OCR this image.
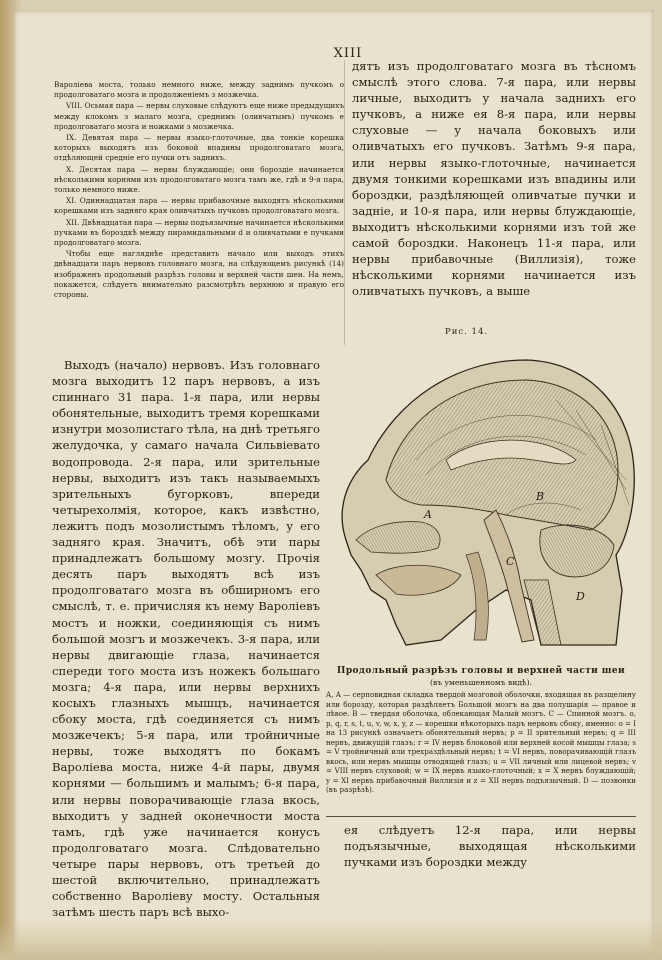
XIII

Вароліева моста, только немного ниже, между заднимъ пучкомъ о продолговатаго мозга и продолженіемъ з мозжечка.

VIII. Осьмая пара — нервы слуховые слѣдуютъ еще ниже предыдущихъ между клокомъ з малаго мозга, среднимъ (оливчатымъ) пучкомъ е продолговатаго мозга и ножками з мозжечка.

IX. Девятая пара — нервы языко-глоточные, два тонкіе корешка которыхъ выходятъ изъ боковой впадины продолговатаго мозга, отдѣляющей среднiе его пучки отъ заднихъ.

X. Десятая пара — нервы блуждающіе; они бороздіе начинается нѣсколькими корнями изъ продолговатаго мозга тамъ же, гдѣ и 9-я пара, только немного ниже.

XI. Одиннадцатая пара — нервы прибавочные выходятъ нѣсколькими корешками изъ задняго края оливчатыхъ пучковъ продолговатаго мозга.

XII. Двѣнадцатая пара — нервы подъязычные начинается нѣсколькими пучками въ бороздкѣ между пирамидальными d и оливчатыми е пучками продолговатаго мозга.

Чтобы еще нагляднѣе представить начало или выходъ этихъ двѣнадцати паръ нервовъ головнаго мозга, на слѣдующемъ рисункѣ (14) изображенъ продольный разрѣзъ головы и верхней части шеи. На немъ, покажется, слѣдуетъ внимательно разсмотрѣть верхнюю и правую его стороны.

Выходъ (начало) нервовъ. Изъ головнаго мозга выходитъ 12 паръ нервовъ, а изъ спиннаго 31 пара. 1-я пара, или нервы обонятельные, выходитъ тремя корешками изнутри мозолистаго тѣла, на днѣ третьяго желудочка, у самаго начала Сильвіевато водопровода. 2-я пара, или зрительные нервы, выходитъ изъ такъ называемыхъ зрительныхъ бугорковъ, впереди четырехолмія, которое, какъ извѣстно, лежитъ подъ мозолистымъ тѣломъ, у его задняго края. Значитъ, обѣ эти пары принадлежатъ большому мозгу. Прочія десять паръ выходятъ всѣ изъ продолговатаго мозга въ обширномъ его смыслѣ, т. е. причисляя къ нему Вароліевъ мостъ и ножки, соединяющія съ нимъ большой мозгъ и мозжечекъ. 3-я пара, или нервы двигающіе глаза, начинается спереди того моста изъ ножекъ большаго мозга; 4-я пара, или нервы верхнихъ косыхъ глазныхъ мышцъ, начинается сбоку моста, гдѣ соединяется съ нимъ мозжечекъ; 5-я пара, или тройничные нервы, тоже выходятъ по бокамъ Вароліева моста, ниже 4-й пары, двумя корнями — большимъ и малымъ; 6-я пара, или нервы поворачивающіе глаза вкось, выходитъ у задней оконечности моста тамъ, гдѣ уже начинается конусъ продолговатаго мозга. Слѣдовательно четыре пары нервовъ, отъ третьей до шестой включительно, принадлежатъ собственно Вароліеву мосту. Остальныя затѣмъ шесть паръ всѣ выхо-

дятъ изъ продолговатаго мозга въ тѣсномъ смыслѣ этого слова. 7-я пара, или нервы личные, выходитъ у начала заднихъ его пучковъ, а ниже ея 8-я пара, или нервы слуховые — у начала боковыхъ или оливчатыхъ его пучковъ. Затѣмъ 9-я пара, или нервы языко-глоточные, начинается двумя тонкими корешками изъ впадины или бороздки, раздѣляющей оливчатые пучки и задніе, и 10-я пара, или нервы блуждающіе, выходитъ нѣсколькими корнями изъ той же самой бороздки. Наконецъ 11-я пара, или нервы прибавочные (Виллизія), тоже нѣсколькими корнями начинается изъ оливчатыхъ пучковъ, а выше

Рис. 14.
A
B
C
D
Продольный разрѣзъ головы и верхней части шеи
(въ уменьшенномъ видѣ).
A, A — серповидная складка твердой мозговой оболочки, входящая въ разщелину или борозду, которая раздѣляетъ Большой мозгъ на два полушарія — правое и лѣвое. B — твердая оболочка, облекающая Малый мозгъ. C — Спинной мозгъ. o, p, q, r, s, t, u, v, w, x, y, z — корешки нѣкоторыхъ паръ нервовъ сбоку, именно: o = I на 13 рисункѣ означаетъ обонятельный нервъ; p = II зрительный нервъ; q = III нервъ, движущій глазъ; r = IV нервъ блоковой или верхней косой мышцы глаза; s = V тройничный или трехраздѣльный нервъ; t = VI нервъ, поворачивающій глазъ вкось, или нервъ мышцы отводящей глазъ; u = VII личный или лицевой нервъ; v = VIII нервъ слуховой; w = IX нервъ языко-глоточный; x = X нервъ блуждающій; y = XI нервъ прибавочный Виллизія и z = XII нервъ подъязычный. D — позвонки (въ разрѣзѣ).
ея слѣдуетъ 12-я пара, или нервы подъязычные, выходящая нѣсколькими пучками изъ бороздки между
